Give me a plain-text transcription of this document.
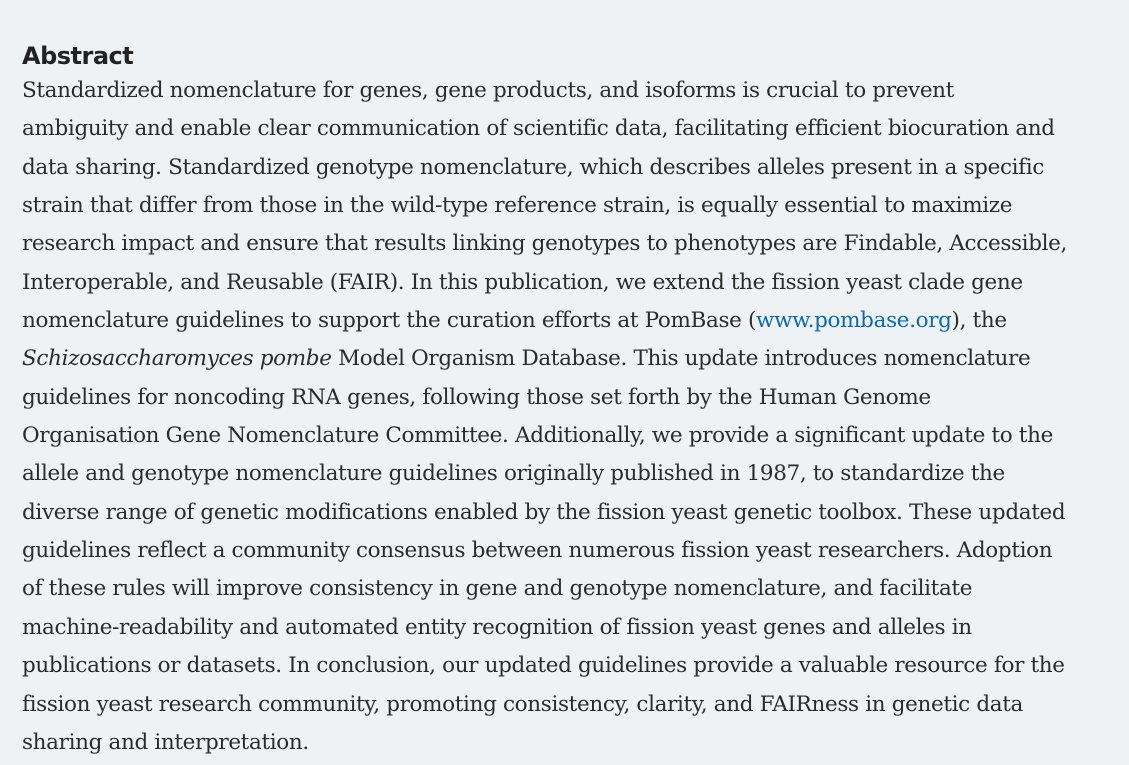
Abstract
Standardized nomenclature for genes, gene products, and isoforms is crucial to prevent
ambiguity and enable clear communication of scientific data, facilitating efficient biocuration and
data sharing. Standardized genotype nomenclature, which describes alleles present in a specific
strain that differ from those in the wild-type reference strain, is equally essential to maximize
research impact and ensure that results linking genotypes to phenotypes are Findable, Accessible,
Interoperable, and Reusable (FAIR). In this publication, we extend the fission yeast clade gene
nomenclature guidelines to support the curation efforts at PomBase (www.pombase.org), the
Schizosaccharomyces pombe Model Organism Database. This update introduces nomenclature
guidelines for noncoding RNA genes, following those set forth by the Human Genome
Organisation Gene Nomenclature Committee. Additionally, we provide a significant update to the
allele and genotype nomenclature guidelines originally published in 1987, to standardize the
diverse range of genetic modifications enabled by the fission yeast genetic toolbox. These updated
guidelines reflect a community consensus between numerous fission yeast researchers. Adoption
of these rules will improve consistency in gene and genotype nomenclature, and facilitate
machine-readability and automated entity recognition of fission yeast genes and alleles in
publications or datasets. In conclusion, our updated guidelines provide a valuable resource for the
fission yeast research community, promoting consistency, clarity, and FAIRness in genetic data
sharing and interpretation.
